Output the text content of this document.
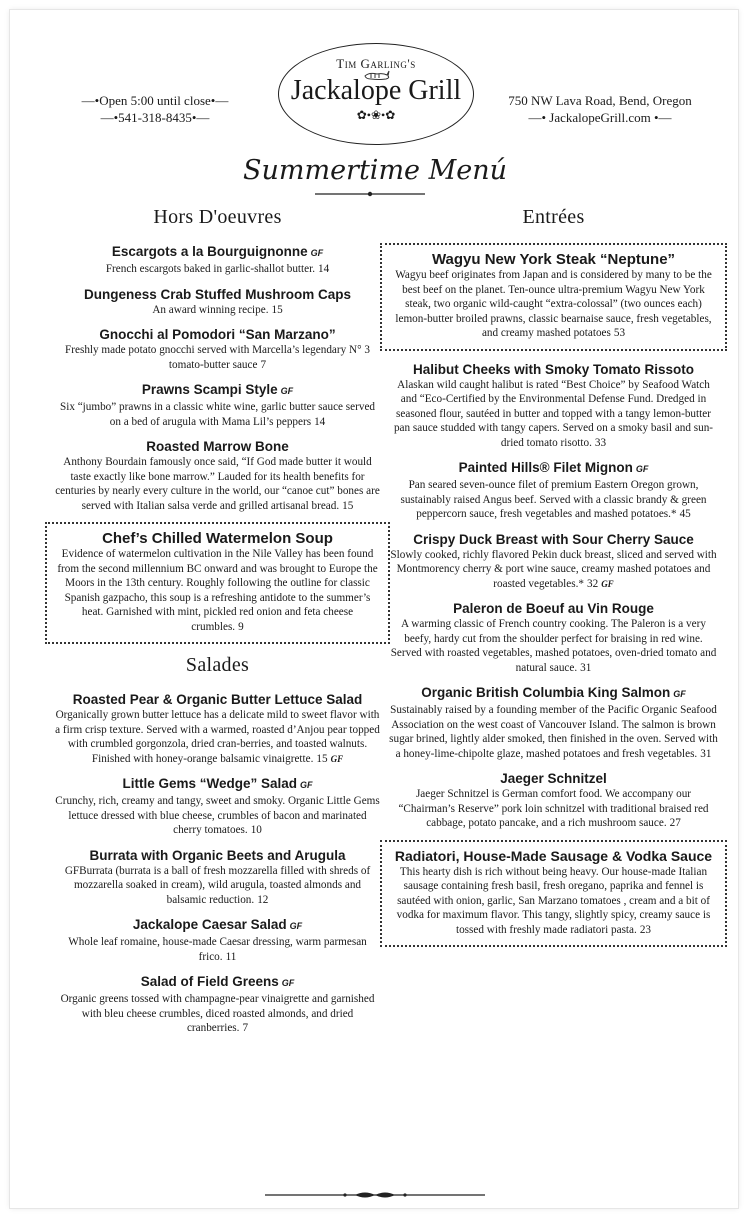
—•Open 5:00 until close•—
—•541-318-8435•—
Tim Garling's
Jackalope Grill
✿•❀•✿
750 NW Lava Road, Bend, Oregon
—• JackalopeGrill.com •—
Summertime Menú
Hors D'oeuvres
Escargots a la Bourguignonne GF
French escargots baked in garlic-shallot butter. 14
Dungeness Crab Stuffed Mushroom Caps
An award winning recipe. 15
Gnocchi al Pomodori “San Marzano”
Freshly made potato gnocchi served with Marcella’s legendary N° 3 tomato-butter sauce 7
Prawns Scampi Style GF
Six “jumbo” prawns in a classic white wine, garlic butter sauce served on a bed of arugula with Mama Lil’s peppers 14
Roasted Marrow Bone
Anthony Bourdain famously once said, “If God made butter it would taste exactly like bone marrow.” Lauded for its health benefits for centuries by nearly every culture in the world, our “canoe cut” bones are served with Italian salsa verde and grilled artisanal bread. 15
Chef’s Chilled Watermelon Soup
Evidence of watermelon cultivation in the Nile Valley has been found from the second millennium BC onward and was brought to Europe the Moors in the 13th century. Roughly following the outline for classic Spanish gazpacho, this soup is a refreshing antidote to the summer’s heat. Garnished with mint, pickled red onion and feta cheese crumbles. 9
Salades
Roasted Pear & Organic Butter Lettuce Salad
Organically grown butter lettuce has a delicate mild to sweet flavor with a firm crisp texture. Served with a warmed, roasted d’Anjou pear topped with crumbled gorgonzola, dried cran-berries, and toasted walnuts. Finished with honey-orange balsamic vinaigrette. 15 GF
Little Gems “Wedge” Salad GF
Crunchy, rich, creamy and tangy, sweet and smoky. Organic Little Gems lettuce dressed with blue cheese, crumbles of bacon and marinated cherry tomatoes. 10
Burrata with Organic Beets and Arugula
GFBurrata (burrata is a ball of fresh mozzarella filled with shreds of mozzarella soaked in cream), wild arugula, toasted almonds and balsamic reduction. 12
Jackalope Caesar Salad GF
Whole leaf romaine, house-made Caesar dressing, warm parmesan frico. 11
Salad of Field Greens GF
Organic greens tossed with champagne-pear vinaigrette and garnished with bleu cheese crumbles, diced roasted almonds, and dried cranberries. 7
Entrées
Wagyu New York Steak “Neptune”
Wagyu beef originates from Japan and is considered by many to be the best beef on the planet. Ten-ounce ultra-premium Wagyu New York steak, two organic wild-caught “extra-colossal” (two ounces each) lemon-butter broiled prawns, classic bearnaise sauce, fresh vegetables, and creamy mashed potatoes 53
Halibut Cheeks with Smoky Tomato Rissoto
Alaskan wild caught halibut is rated “Best Choice” by Seafood Watch and “Eco-Certified by the Environmental Defense Fund. Dredged in seasoned flour, sautéed in butter and topped with a tangy lemon-butter pan sauce studded with tangy capers. Served on a smoky basil and sun-dried tomato risotto. 33
Painted Hills® Filet Mignon GF
Pan seared seven-ounce filet of premium Eastern Oregon grown, sustainably raised Angus beef. Served with a classic brandy & green peppercorn sauce, fresh vegetables and mashed potatoes.* 45
Crispy Duck Breast with Sour Cherry Sauce
Slowly cooked, richly flavored Pekin duck breast, sliced and served with Montmorency cherry & port wine sauce, creamy mashed potatoes and roasted vegetables.* 32 GF
Paleron de Boeuf au Vin Rouge
A warming classic of French country cooking. The Paleron is a very beefy, hardy cut from the shoulder perfect for braising in red wine. Served with roasted vegetables, mashed potatoes, oven-dried tomato and natural sauce. 31
Organic British Columbia King Salmon GF
Sustainably raised by a founding member of the Pacific Organic Seafood Association on the west coast of Vancouver Island. The salmon is brown sugar brined, lightly alder smoked, then finished in the oven. Served with a honey-lime-chipolte glaze, mashed potatoes and fresh vegetables. 31
Jaeger Schnitzel
Jaeger Schnitzel is German comfort food. We accompany our “Chairman’s Reserve” pork loin schnitzel with traditional braised red cabbage, potato pancake, and a rich mushroom sauce. 27
Radiatori, House-Made Sausage & Vodka Sauce
This hearty dish is rich without being heavy. Our house-made Italian sausage containing fresh basil, fresh oregano, paprika and fennel is sautéed with onion, garlic, San Marzano tomatoes , cream and a bit of vodka for maximum flavor. This tangy, slightly spicy, creamy sauce is tossed with freshly made radiatori pasta. 23
